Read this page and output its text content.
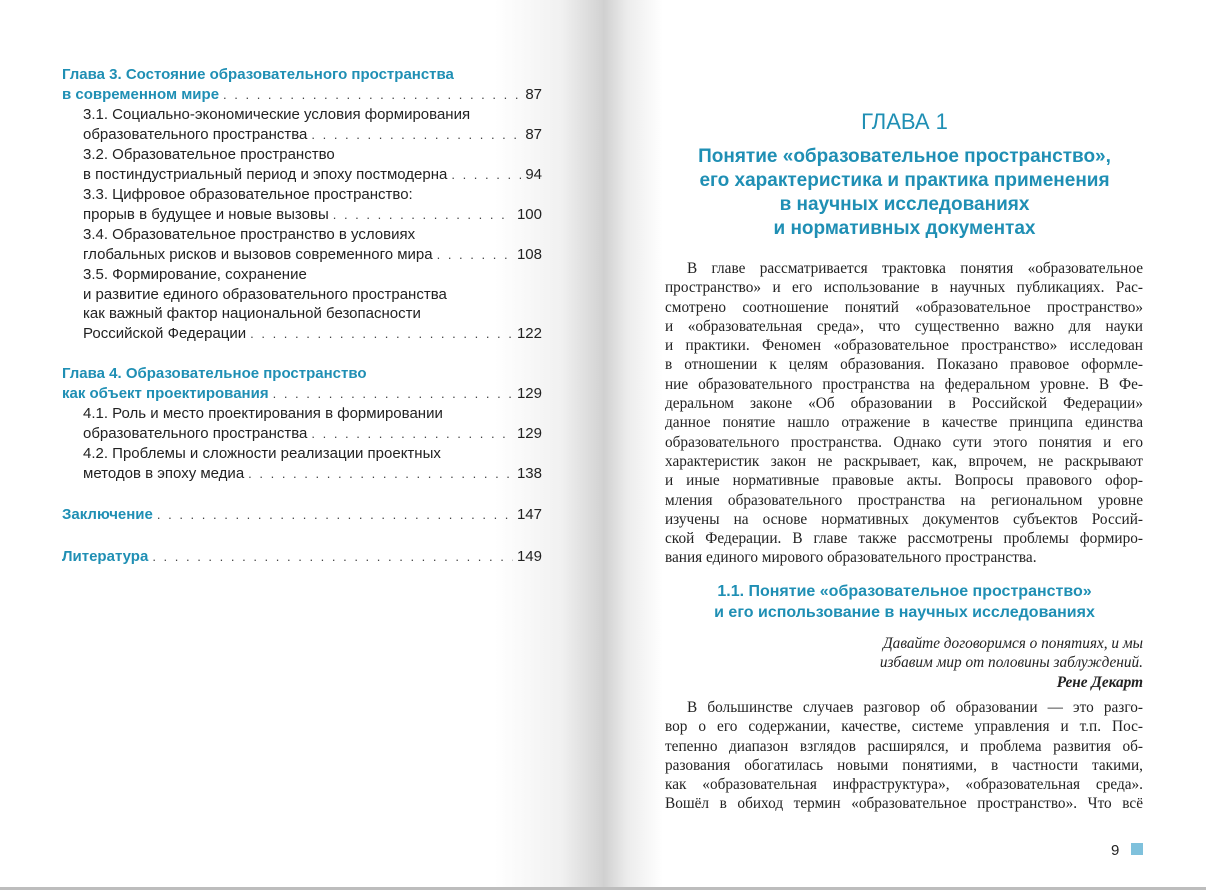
Глава 3. Состояние образовательного пространства
в современном мире . . .	87
3.1. Социально-экономические условия формирования
образовательного пространства . . .	87
3.2. Образовательное пространство
в постиндустриальный период и эпоху постмодерна . . .	94
3.3. Цифровое образовательное пространство:
прорыв в будущее и новые вызовы . . .	100
3.4. Образовательное пространство в условиях
глобальных рисков и вызовов современного мира . . .	108
3.5. Формирование, сохранение
и развитие единого образовательного пространства
как важный фактор национальной безопасности
Российской Федерации . . .	122
Глава 4. Образовательное пространство
как объект проектирования . . .	129
4.1. Роль и место проектирования в формировании
образовательного пространства . . .	129
4.2. Проблемы и сложности реализации проектных
методов в эпоху медиа . . .	138
Заключение . . .	147
Литература . . .	149
ГЛАВА 1
Понятие «образовательное пространство»,
его характеристика и практика применения
в научных исследованиях
и нормативных документах
В главе рассматривается трактовка понятия «образовательное
пространство» и его использование в научных публикациях. Рас-
смотрено соотношение понятий «образовательное пространство»
и «образовательная среда», что существенно важно для науки
и практики. Феномен «образовательное пространство» исследован
в отношении к целям образования. Показано правовое оформле-
ние образовательного пространства на федеральном уровне. В Фе-
деральном законе «Об образовании в Российской Федерации»
данное понятие нашло отражение в качестве принципа единства
образовательного пространства. Однако сути этого понятия и его
характеристик закон не раскрывает, как, впрочем, не раскрывают
и иные нормативные правовые акты. Вопросы правового офор-
мления образовательного пространства на региональном уровне
изучены на основе нормативных документов субъектов Россий-
ской Федерации. В главе также рассмотрены проблемы формиро-
вания единого мирового образовательного пространства.
1.1. Понятие «образовательное пространство»
и его использование в научных исследованиях
Давайте договоримся о понятиях, и мы
избавим мир от половины заблуждений.
Рене Декарт
В большинстве случаев разговор об образовании — это разго-
вор о его содержании, качестве, системе управления и т.п. Пос-
тепенно диапазон взглядов расширялся, и проблема развития об-
разования обогатилась новыми понятиями, в частности такими,
как «образовательная инфраструктура», «образовательная среда».
Вошёл в обиход термин «образовательное пространство». Что всё
9
